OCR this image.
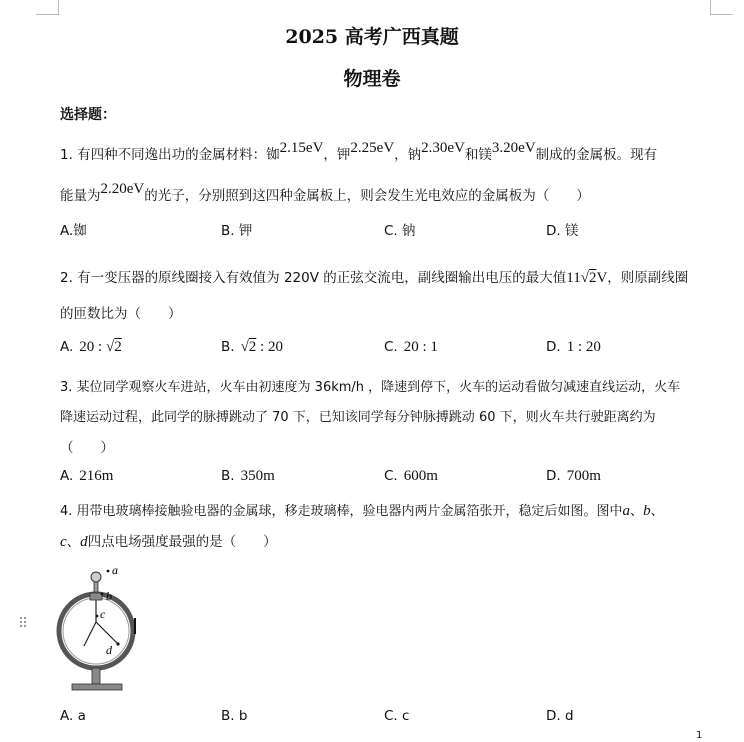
2025 高考广西真题
物理卷
选择题：
1. 有四种不同逸出功的金属材料：铷2.15eV，钾2.25eV，钠2.30eV和镁3.20eV制成的金属板。现有
能量为2.20eV的光子，分别照到这四种金属板上，则会发生光电效应的金属板为（　　）
A.铷	B. 钾	C. 钠	D. 镁
2. 有一变压器的原线圈接入有效值为 220V 的正弦交流电，副线圈输出电压的最大值11√2V，则原副线圈
的匝数比为（　　）
A. 20 : √2	B. √2 : 20	C. 20 : 1	D. 1 : 20
3. 某位同学观察火车进站，火车由初速度为 36km/h ，降速到停下，火车的运动看做匀减速直线运动，火车
降速运动过程，此同学的脉搏跳动了 70 下，已知该同学每分钟脉搏跳动 60 下，则火车共行驶距离约为
（　　）
A. 216m	B. 350m	C. 600m	D. 700m
4. 用带电玻璃棒接触验电器的金属球，移走玻璃棒，验电器内两片金属箔张开，稳定后如图。图中a、b、
c、d四点电场强度最强的是（　　）
a
b
c
d
A. a	B. b	C. c	D. d
⠿
1
